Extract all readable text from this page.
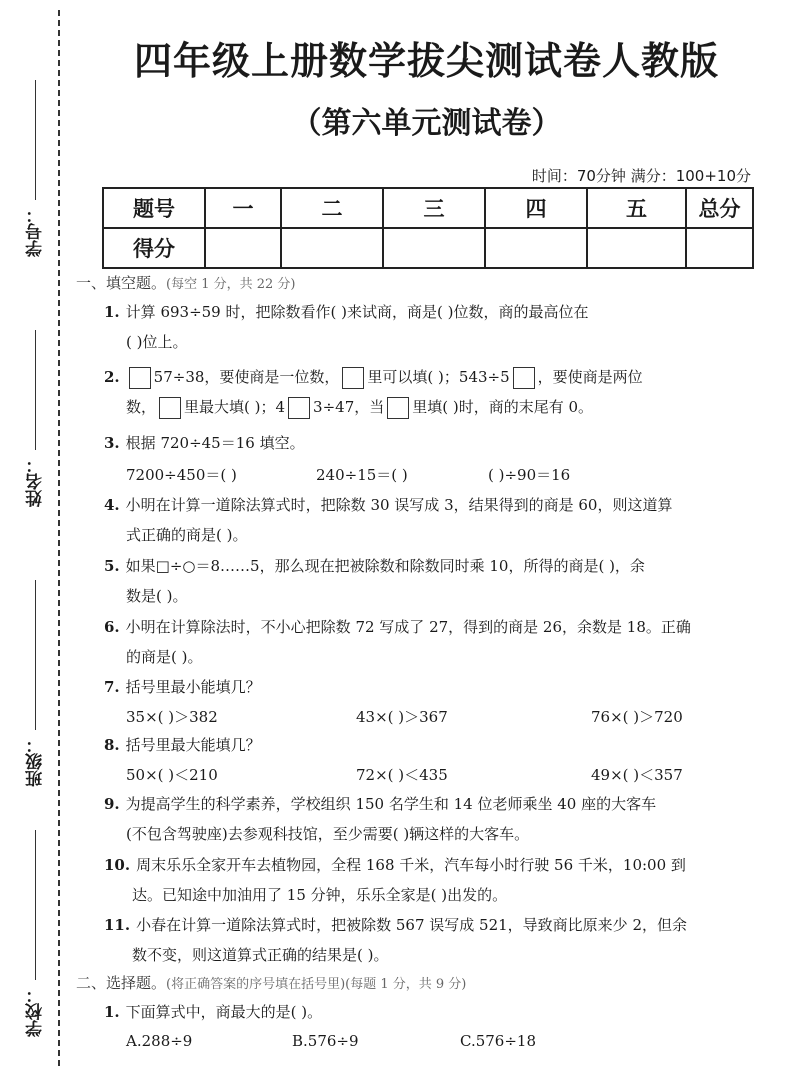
学号：
姓名：
班级：
学校：
四年级上册数学拔尖测试卷人教版
（第六单元测试卷）
时间：70分钟 满分：100+10分
题号	一	二	三	四	五	总分
得分						
一、填空题。(每空 1 分，共 22 分)
1. 计算 693÷59 时，把除数看作( )来试商，商是( )位数，商的最高位在
( )位上。
2. 57÷38，要使商是一位数， 里可以填( )；543÷5 ，要使商是两位
数， 里最大填( )；4 3÷47，当 里填( )时，商的末尾有 0。
3. 根据 720÷45＝16 填空。
7200÷450＝( )	240÷15＝( )	( )÷90＝16
4. 小明在计算一道除法算式时，把除数 30 误写成 3，结果得到的商是 60，则这道算
式正确的商是( )。
5. 如果□÷○＝8……5，那么现在把被除数和除数同时乘 10，所得的商是( )，余
数是( )。
6. 小明在计算除法时，不小心把除数 72 写成了 27，得到的商是 26，余数是 18。正确
的商是( )。
7. 括号里最小能填几？
35×( )＞382	43×( )＞367	76×( )＞720
8. 括号里最大能填几？
50×( )＜210	72×( )＜435	49×( )＜357
9. 为提高学生的科学素养，学校组织 150 名学生和 14 位老师乘坐 40 座的大客车
(不包含驾驶座)去参观科技馆，至少需要( )辆这样的大客车。
10. 周末乐乐全家开车去植物园，全程 168 千米，汽车每小时行驶 56 千米，10:00 到
达。已知途中加油用了 15 分钟，乐乐全家是( )出发的。
11. 小春在计算一道除法算式时，把被除数 567 误写成 521，导致商比原来少 2，但余
数不变，则这道算式正确的结果是( )。
二、选择题。(将正确答案的序号填在括号里)(每题 1 分，共 9 分)
1. 下面算式中，商最大的是( )。
A.288÷9	B.576÷9	C.576÷18
